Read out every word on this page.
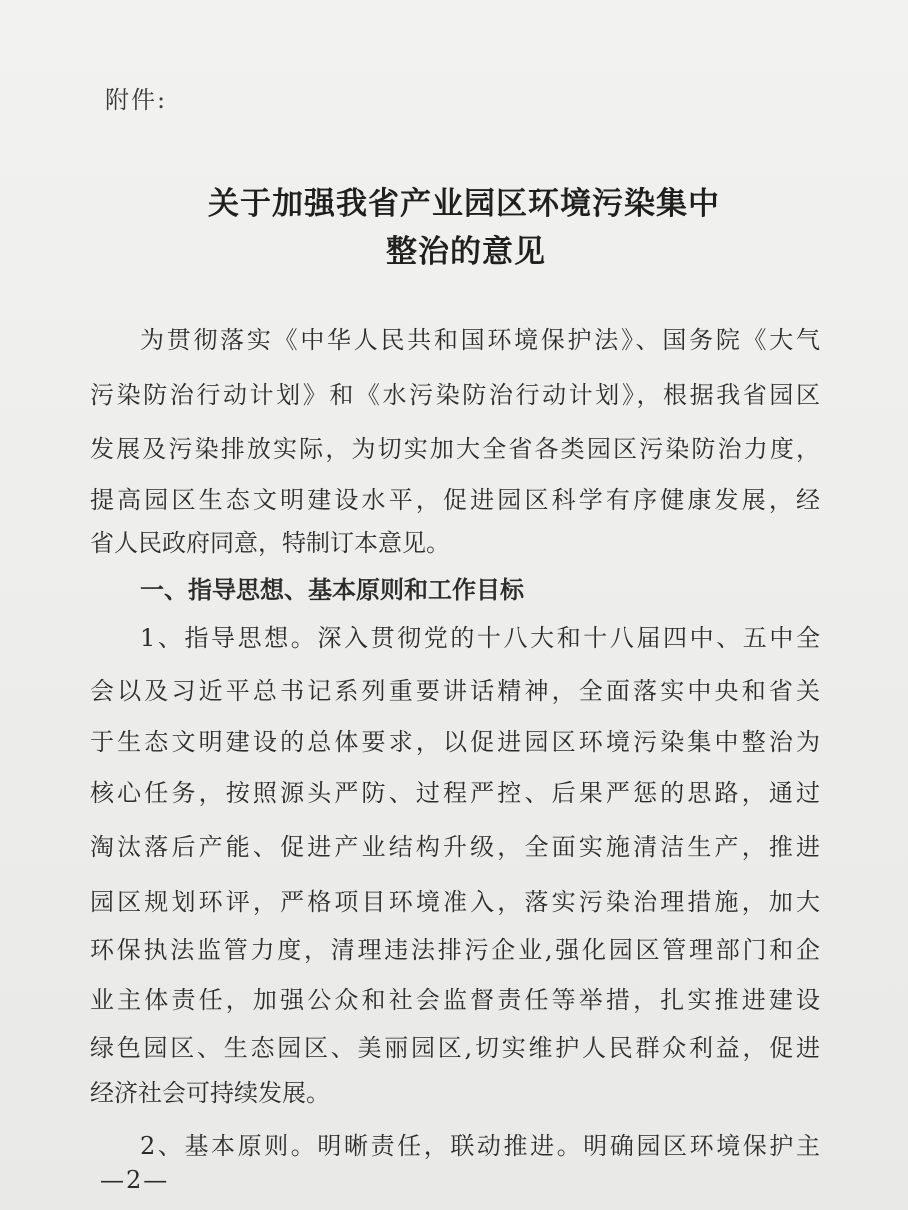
附件:
关于加强我省产业园区环境污染集中
整治的意见
为贯彻落实《中华人民共和国环境保护法》、国务院《大气
污染防治行动计划》和《水污染防治行动计划》，根据我省园区
发展及污染排放实际，为切实加大全省各类园区污染防治力度，
提高园区生态文明建设水平，促进园区科学有序健康发展，经
省人民政府同意，特制订本意见。
一、指导思想、基本原则和工作目标
1、指导思想。深入贯彻党的十八大和十八届四中、五中全
会以及习近平总书记系列重要讲话精神，全面落实中央和省关
于生态文明建设的总体要求，以促进园区环境污染集中整治为
核心任务，按照源头严防、过程严控、后果严惩的思路，通过
淘汰落后产能、促进产业结构升级，全面实施清洁生产，推进
园区规划环评，严格项目环境准入，落实污染治理措施，加大
环保执法监管力度，清理违法排污企业,强化园区管理部门和企
业主体责任，加强公众和社会监督责任等举措，扎实推进建设
绿色园区、生态园区、美丽园区,切实维护人民群众利益，促进
经济社会可持续发展。
2、基本原则。明晰责任，联动推进。明确园区环境保护主
—2—
